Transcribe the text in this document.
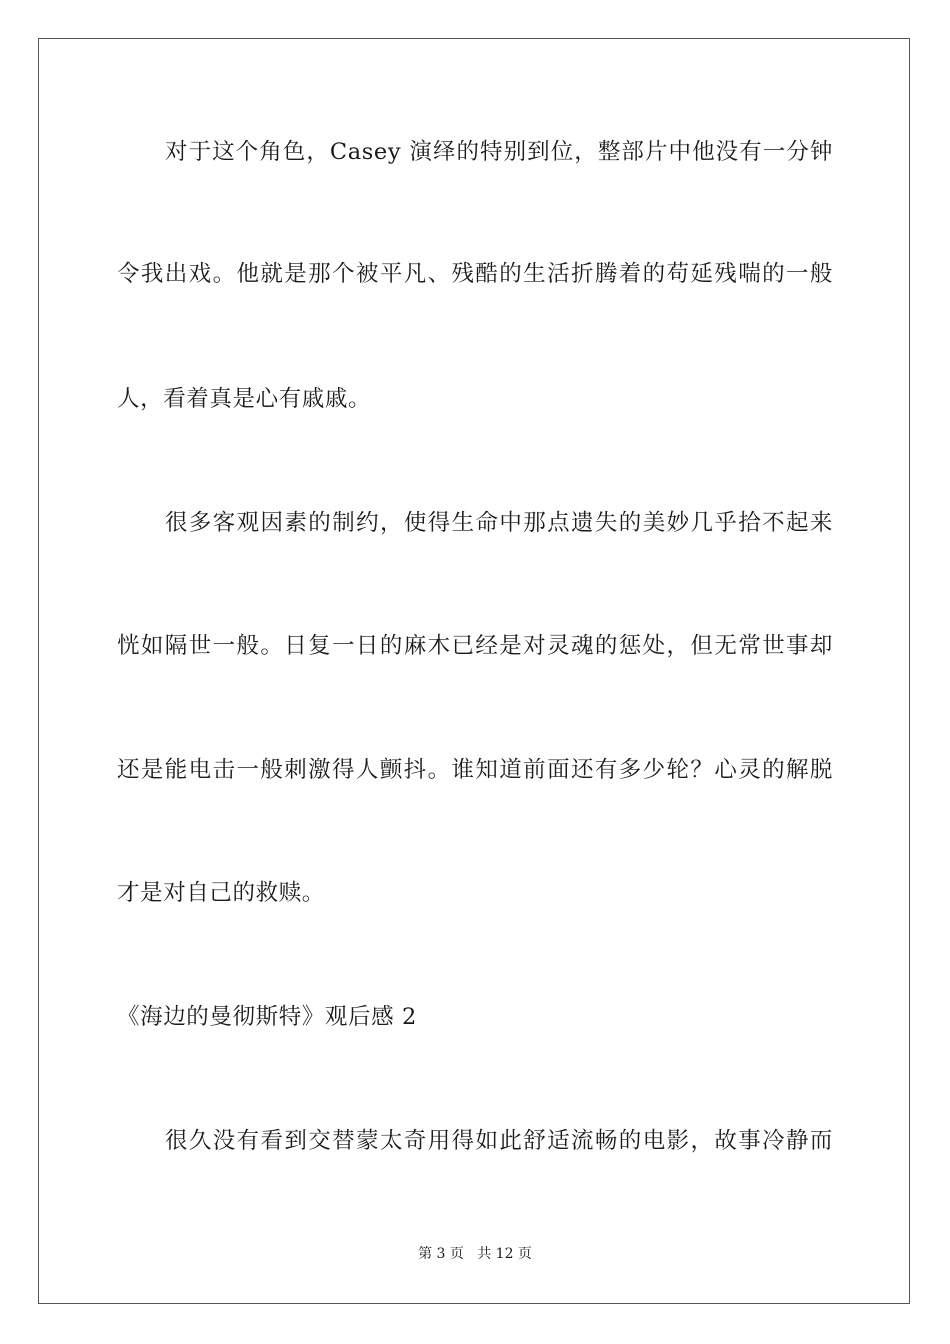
对于这个角色，Casey 演绎的特别到位，整部片中他没有一分钟
令我出戏。他就是那个被平凡、残酷的生活折腾着的苟延残喘的一般
人，看着真是心有戚戚。
很多客观因素的制约，使得生命中那点遗失的美妙几乎拾不起来
恍如隔世一般。日复一日的麻木已经是对灵魂的惩处，但无常世事却
还是能电击一般刺激得人颤抖。谁知道前面还有多少轮？心灵的解脱
才是对自己的救赎。
《海边的曼彻斯特》观后感 2
很久没有看到交替蒙太奇用得如此舒适流畅的电影，故事冷静而
第 3 页   共 12 页
